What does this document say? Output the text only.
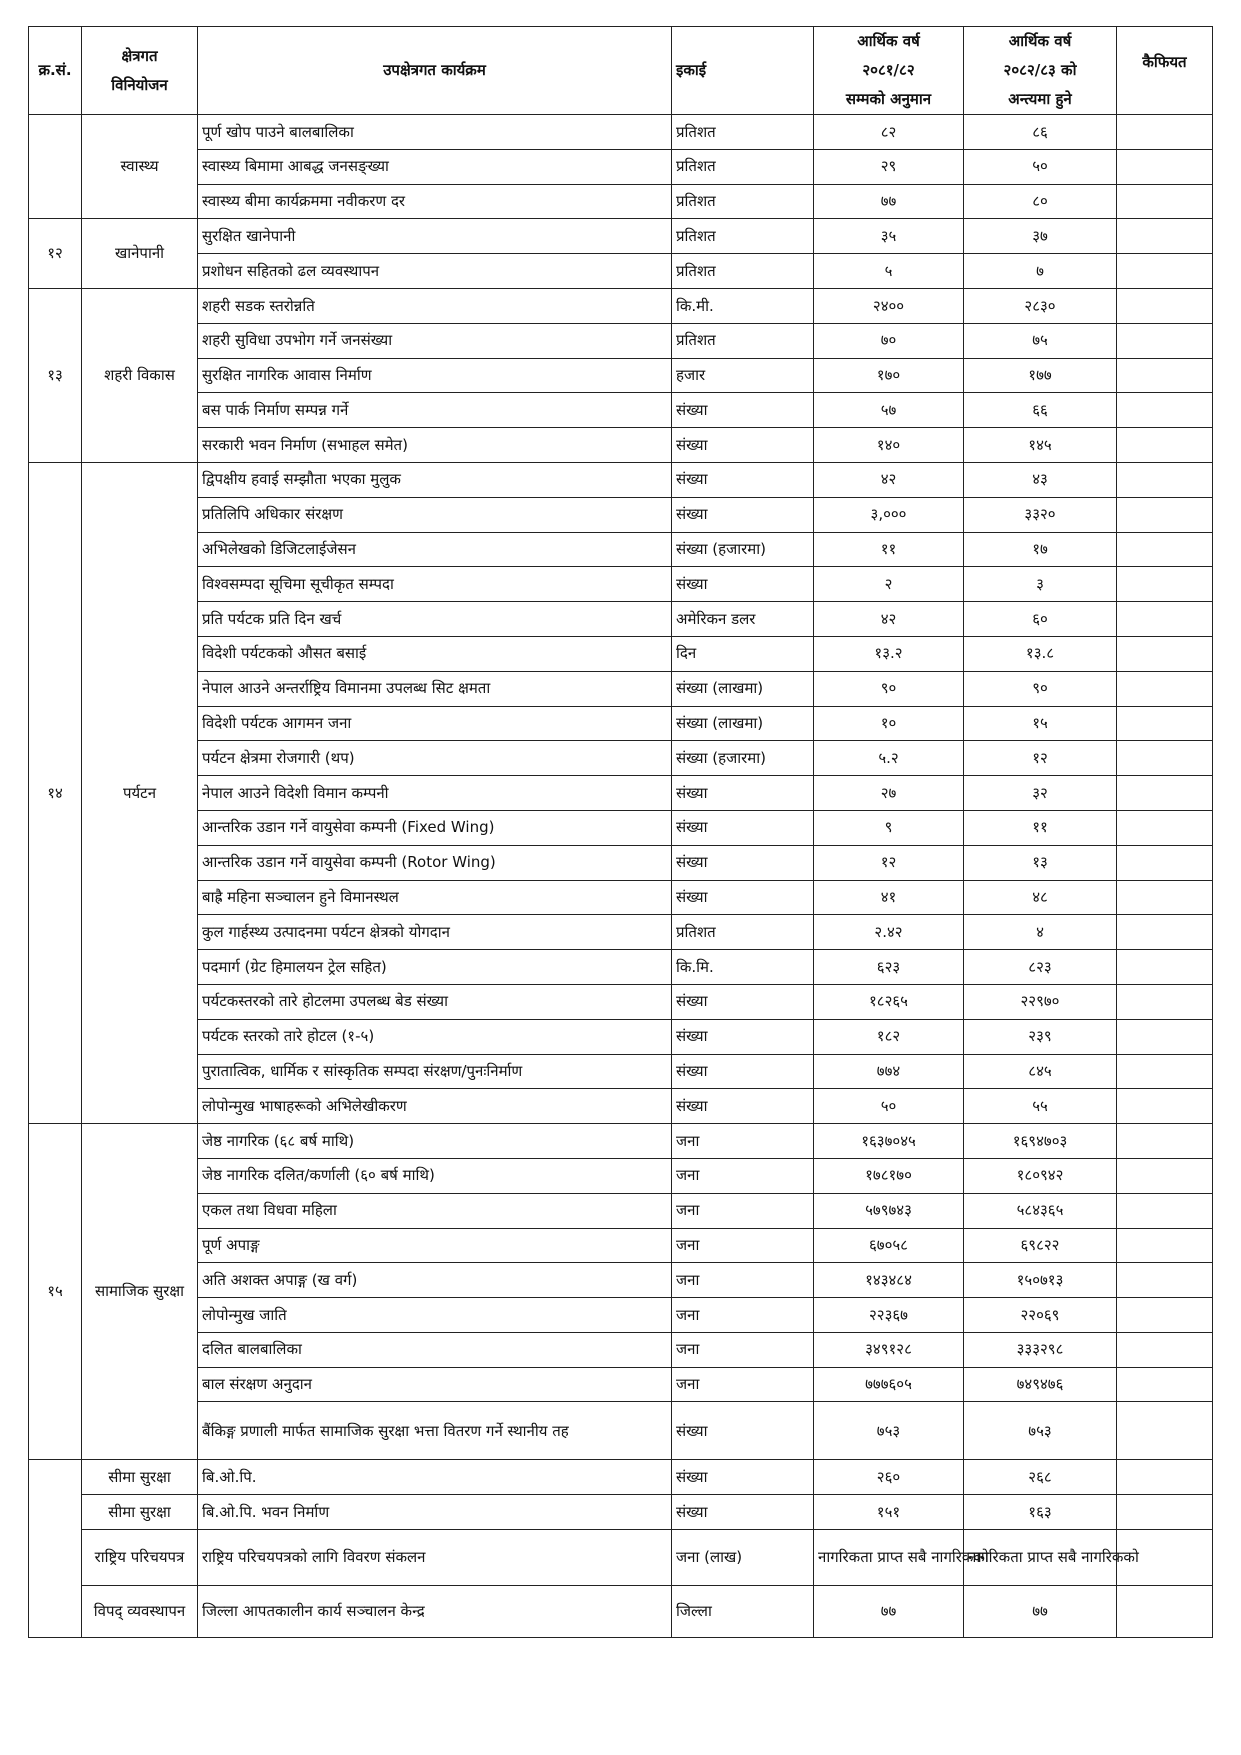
क्र.सं.	क्षेत्रगत
विनियोजन	उपक्षेत्रगत कार्यक्रम	इकाई	आर्थिक वर्ष
२०८१/८२
सम्मको अनुमान	आर्थिक वर्ष
२०८२/८३ को
अन्त्यमा हुने	कैफियत
	स्वास्थ्य	पूर्ण खोप पाउने बालबालिका	प्रतिशत	८२	८६	
		स्वास्थ्य बिमामा आबद्ध जनसङ्ख्या	प्रतिशत	२९	५०	
		स्वास्थ्य बीमा कार्यक्रममा नवीकरण दर	प्रतिशत	७७	८०	
१२	खानेपानी	सुरक्षित खानेपानी	प्रतिशत	३५	३७	
		प्रशोधन सहितको ढल व्यवस्थापन	प्रतिशत	५	७	
१३	शहरी विकास	शहरी सडक स्तरोन्नति	कि.मी.	२४००	२८३०	
		शहरी सुविधा उपभोग गर्ने जनसंख्या	प्रतिशत	७०	७५	
		सुरक्षित नागरिक आवास निर्माण	हजार	१७०	१७७	
		बस पार्क निर्माण सम्पन्न गर्ने	संख्या	५७	६६	
		सरकारी भवन निर्माण (सभाहल समेत)	संख्या	१४०	१४५	
१४	पर्यटन	द्विपक्षीय हवाई सम्झौता भएका मुलुक	संख्या	४२	४३	
		प्रतिलिपि अधिकार संरक्षण	संख्या	३,०००	३३२०	
		अभिलेखको डिजिटलाईजेसन	संख्या (हजारमा)	११	१७	
		विश्वसम्पदा सूचिमा सूचीकृत सम्पदा	संख्या	२	३	
		प्रति पर्यटक प्रति दिन खर्च	अमेरिकन डलर	४२	६०	
		विदेशी पर्यटकको औसत बसाई	दिन	१३.२	१३.८	
		नेपाल आउने अन्तर्राष्ट्रिय विमानमा उपलब्ध सिट क्षमता	संख्या (लाखमा)	९०	९०	
		विदेशी पर्यटक आगमन जना	संख्या (लाखमा)	१०	१५	
		पर्यटन क्षेत्रमा रोजगारी (थप)	संख्या (हजारमा)	५.२	१२	
		नेपाल आउने विदेशी विमान कम्पनी	संख्या	२७	३२	
		आन्तरिक उडान गर्ने वायुसेवा कम्पनी (Fixed Wing)	संख्या	९	११	
		आन्तरिक उडान गर्ने वायुसेवा कम्पनी (Rotor Wing)	संख्या	१२	१३	
		बाह्रै महिना सञ्चालन हुने विमानस्थल	संख्या	४१	४८	
		कुल गार्हस्थ्य उत्पादनमा पर्यटन क्षेत्रको योगदान	प्रतिशत	२.४२	४	
		पदमार्ग (ग्रेट हिमालयन ट्रेल सहित)	कि.मि.	६२३	८२३	
		पर्यटकस्तरको तारे होटलमा उपलब्ध बेड संख्या	संख्या	१८२६५	२२९७०	
		पर्यटक स्तरको तारे होटल (१-५)	संख्या	१८२	२३९	
		पुरातात्विक, धार्मिक र सांस्कृतिक सम्पदा संरक्षण/पुनःनिर्माण	संख्या	७७४	८४५	
		लोपोन्मुख भाषाहरूको अभिलेखीकरण	संख्या	५०	५५	
१५	सामाजिक सुरक्षा	जेष्ठ नागरिक (६८ बर्ष माथि)	जना	१६३७०४५	१६९४७०३	
		जेष्ठ नागरिक दलित/कर्णाली (६० बर्ष माथि)	जना	१७८१७०	१८०९४२	
		एकल तथा विधवा महिला	जना	५७९७४३	५८४३६५	
		पूर्ण अपाङ्ग	जना	६७०५८	६९८२२	
		अति अशक्त अपाङ्ग (ख वर्ग)	जना	१४३४८४	१५०७१३	
		लोपोन्मुख जाति	जना	२२३६७	२२०६९	
		दलित बालबालिका	जना	३४९१२८	३३३२९८	
		बाल संरक्षण अनुदान	जना	७७७६०५	७४९४७६	
		बैंकिङ्ग प्रणाली मार्फत सामाजिक सुरक्षा भत्ता वितरण गर्ने स्थानीय तह	संख्या	७५३	७५३	
	सीमा सुरक्षा	बि.ओ.पि.	संख्या	२६०	२६८	
	सीमा सुरक्षा	बि.ओ.पि. भवन निर्माण	संख्या	१५१	१६३	
	राष्ट्रिय परिचयपत्र	राष्ट्रिय परिचयपत्रको लागि विवरण संकलन	जना (लाख)	नागरिकता प्राप्त सबै नागरिकको	नागरिकता प्राप्त सबै नागरिकको	
	विपद् व्यवस्थापन	जिल्ला आपतकालीन कार्य सञ्चालन केन्द्र	जिल्ला	७७	७७	
